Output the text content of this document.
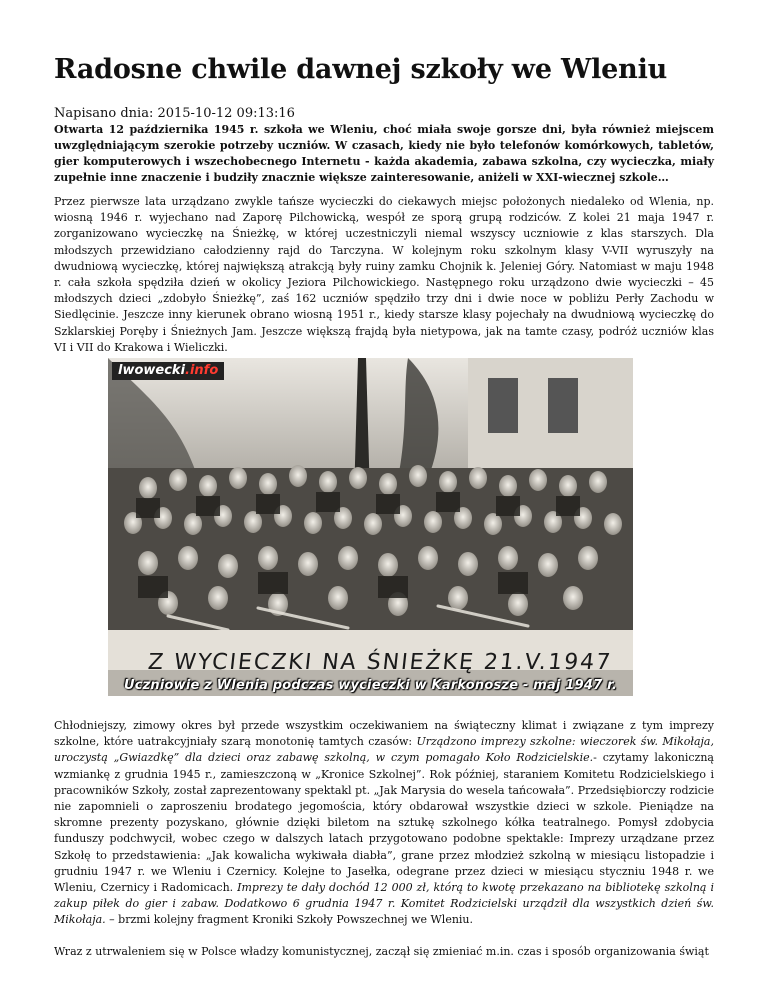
Radosne chwile dawnej szkoły we Wleniu
Napisano dnia: 2015-10-12 09:13:16

Otwarta 12 października 1945 r. szkoła we Wleniu, choć miała swoje gorsze dni, była również miejscem uwzględniającym szerokie potrzeby uczniów. W czasach, kiedy nie było telefonów komórkowych, tabletów, gier komputerowych i wszechobecnego Internetu - każda akademia, zabawa szkolna, czy wycieczka, miały zupełnie inne znaczenie i budziły znacznie większe zainteresowanie, aniżeli w XXI-wiecznej szkole…

Przez pierwsze lata urządzano zwykle tańsze wycieczki do ciekawych miejsc położonych niedaleko od Wlenia, np. wiosną 1946 r. wyjechano nad Zaporę Pilchowicką, wespół ze sporą grupą rodziców. Z kolei 21 maja 1947 r. zorganizowano wycieczkę na Śnieżkę, w której uczestniczyli niemal wszyscy uczniowie z klas starszych. Dla młodszych przewidziano całodzienny rajd do Tarczyna. W kolejnym roku szkolnym klasy V-VII wyruszyły na dwudniową wycieczkę, której największą atrakcją były ruiny zamku Chojnik k. Jeleniej Góry. Natomiast w maju 1948 r. cała szkoła spędziła dzień w okolicy Jeziora Pilchowickiego. Następnego roku urządzono dwie wycieczki – 45 młodszych dzieci „zdobyło Śnieżkę”, zaś 162 uczniów spędziło trzy dni i dwie noce w pobliżu Perły Zachodu w Siedlęcinie. Jeszcze inny kierunek obrano wiosną 1951 r., kiedy starsze klasy pojechały na dwudniową wycieczkę do Szklarskiej Poręby i Śnieżnych Jam. Jeszcze większą frajdą była nietypowa, jak na tamte czasy, podróż uczniów klas VI i VII do Krakowa i Wieliczki.

lwowecki.info
Z WYCIECZKI NA ŚNIEŻKĘ 21.V.1947
Uczniowie z Wlenia podczas wycieczki w Karkonosze - maj 1947 r.

Chłodniejszy, zimowy okres był przede wszystkim oczekiwaniem na świąteczny klimat i związane z tym imprezy szkolne, które uatrakcyjniały szarą monotonię tamtych czasów: Urządzono imprezy szkolne: wieczorek św. Mikołaja, uroczystą „Gwiazdkę” dla dzieci oraz zabawę szkolną, w czym pomagało Koło Rodzicielskie.- czytamy lakoniczną wzmiankę z grudnia 1945 r., zamieszczoną w „Kronice Szkolnej”. Rok później, staraniem Komitetu Rodzicielskiego i pracowników Szkoły, został zaprezentowany spektakl pt. „Jak Marysia do wesela tańcowała”. Przedsiębiorczy rodzicie nie zapomnieli o zaproszeniu brodatego jegomościa, który obdarował wszystkie dzieci w szkole. Pieniądze na skromne prezenty pozyskano, głównie dzięki biletom na sztukę szkolnego kółka teatralnego. Pomysł zdobycia funduszy podchwycił, wobec czego w dalszych latach przygotowano podobne spektakle: Imprezy urządzane przez Szkołę to przedstawienia: „Jak kowalicha wykiwała diabła”, grane przez młodzież szkolną w miesiącu listopadzie i grudniu 1947 r. we Wleniu i Czernicy. Kolejne to Jasełka, odegrane przez dzieci w miesiącu styczniu 1948 r. we Wleniu, Czernicy i Radomicach. Imprezy te dały dochód 12 000 zł, którą to kwotę przekazano na bibliotekę szkolną i zakup piłek do gier i zabaw. Dodatkowo 6 grudnia 1947 r. Komitet Rodzicielski urządził dla wszystkich dzień św. Mikołaja. – brzmi kolejny fragment Kroniki Szkoły Powszechnej we Wleniu.

Wraz z utrwaleniem się w Polsce władzy komunistycznej, zaczął się zmieniać m.in. czas i sposób organizowania świąt
